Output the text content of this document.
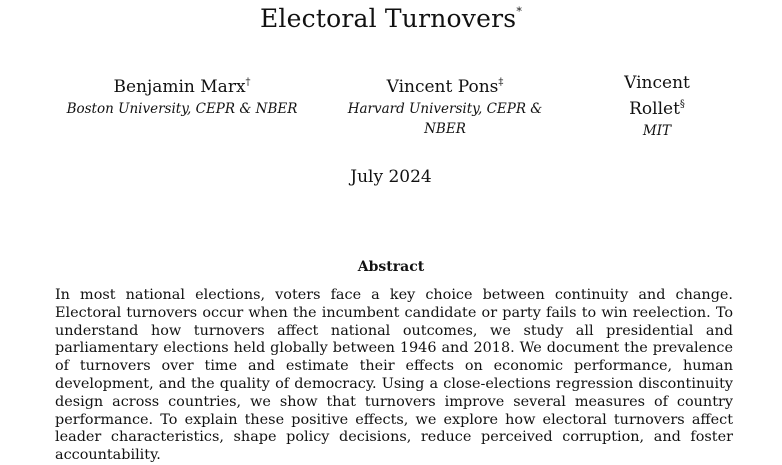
Electoral Turnovers*
Benjamin Marx†
Boston University, CEPR & NBER
Vincent Pons‡
Harvard University, CEPR & NBER
Vincent Rollet§
MIT
July 2024
Abstract
In most national elections, voters face a key choice between continuity and change. Electoral turnovers occur when the incumbent candidate or party fails to win reelection. To understand how turnovers affect national outcomes, we study all presidential and parliamentary elections held globally between 1946 and 2018. We document the prevalence of turnovers over time and estimate their effects on economic performance, human development, and the quality of democracy. Using a close-elections regression discontinuity design across countries, we show that turnovers improve several measures of country performance. To explain these positive effects, we explore how electoral turnovers affect leader characteristics, shape policy decisions, reduce perceived corruption, and foster accountability.
